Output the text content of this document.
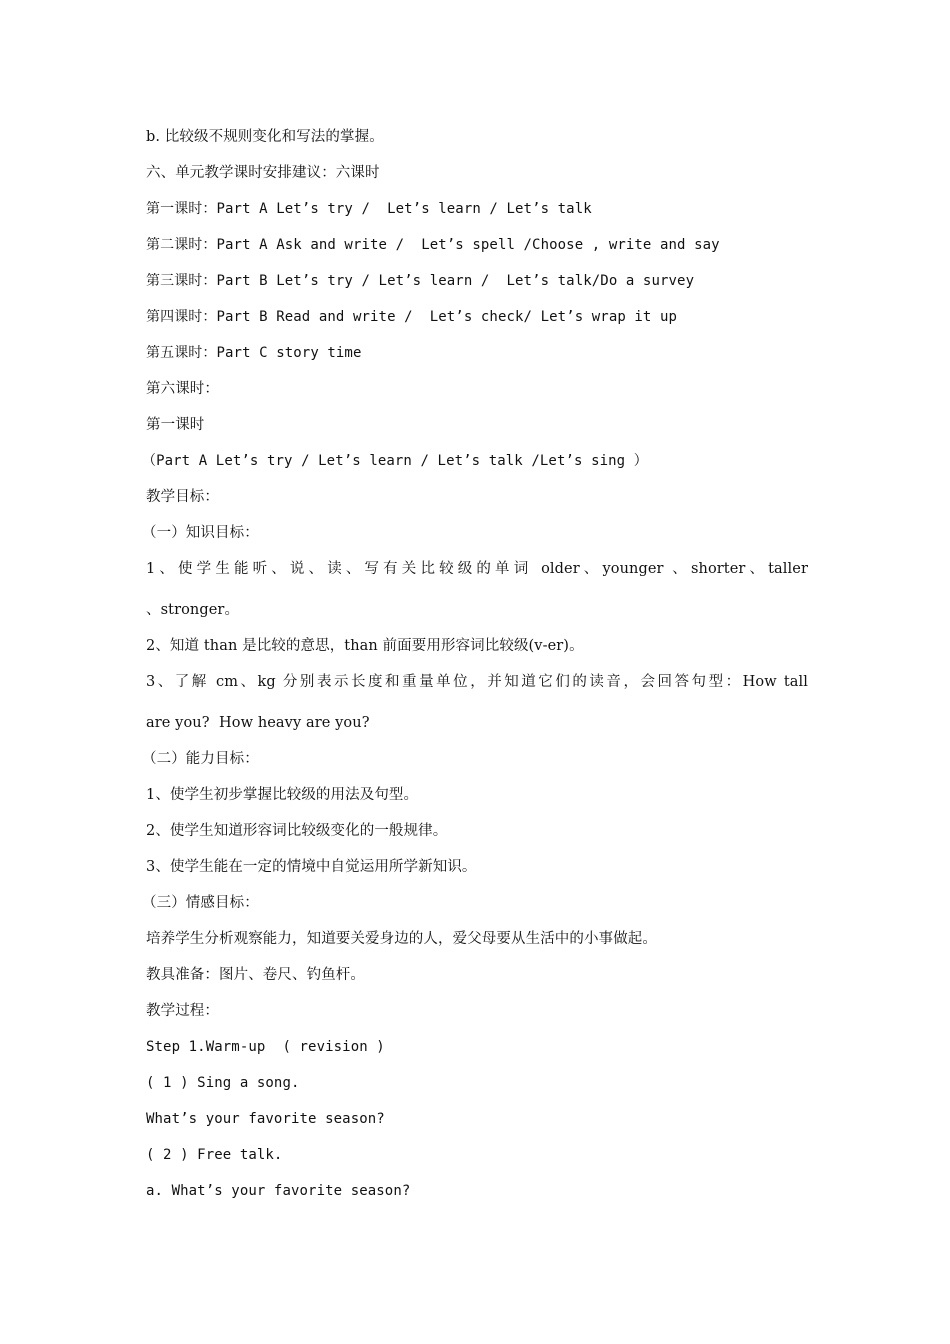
b. 比较级不规则变化和写法的掌握。
六、单元教学课时安排建议：六课时
第一课时：Part A Let’s try /  Let’s learn / Let’s talk
第二课时：Part A Ask and write /  Let’s spell /Choose , write and say
第三课时：Part B Let’s try / Let’s learn /  Let’s talk/Do a survey
第四课时：Part B Read and write /  Let’s check/ Let’s wrap it up
第五课时：Part C story time
第六课时：
第一课时
（Part A Let’s try / Let’s learn / Let’s talk /Let’s sing ）
教学目标：
（一）知识目标：
1、使学生能听、说、读、写有关比较级的单词 older、younger 、shorter、taller
、stronger。
2、知道 than 是比较的意思，than 前面要用形容词比较级(v-er)。
3、了解 cm、kg 分别表示长度和重量单位，并知道它们的读音，会回答句型：How tall
are you?  How heavy are you?
（二）能力目标：
1、使学生初步掌握比较级的用法及句型。
2、使学生知道形容词比较级变化的一般规律。
3、使学生能在一定的情境中自觉运用所学新知识。
（三）情感目标：
培养学生分析观察能力，知道要关爱身边的人，爱父母要从生活中的小事做起。
教具准备：图片、卷尺、钓鱼杆。
教学过程：
Step 1.Warm-up  ( revision )
( 1 ) Sing a song.
What’s your favorite season?
( 2 ) Free talk.
a. What’s your favorite season?
